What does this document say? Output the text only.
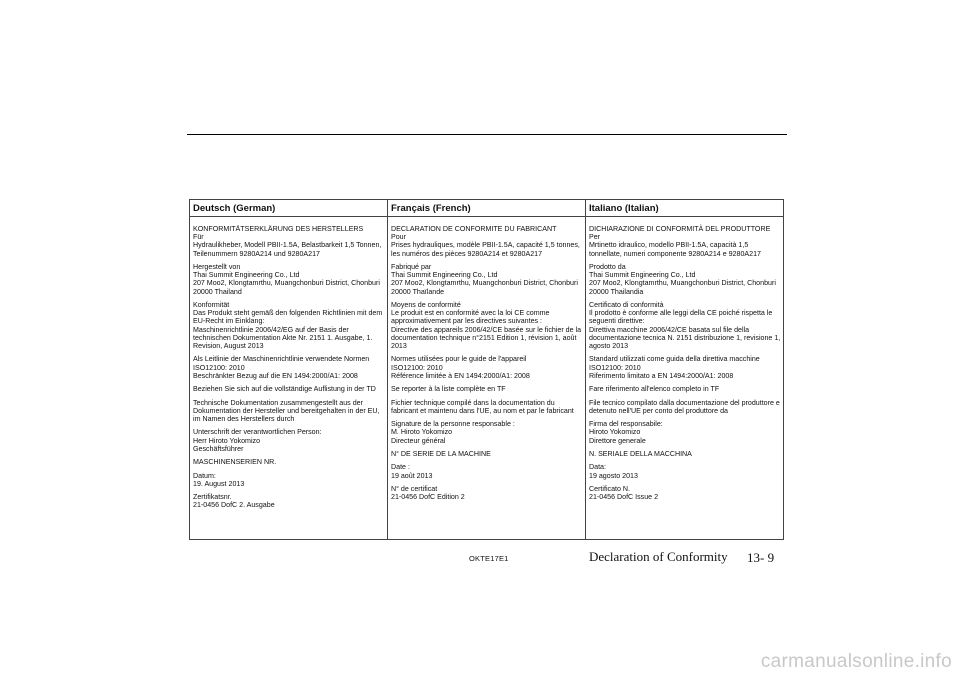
Deutsch (German)
KONFORMITÄTSERKLÄRUNG DES HERSTELLERS
Für
Hydraulikheber, Modell PBII-1.5A, Belastbarkeit 1,5 Tonnen, Teilenummern 9280A214 und 9280A217
Hergestellt von
Thai Summit Engineering Co., Ltd
207 Moo2, Klongtamrthu, Muangchonburi District, Chonburi 20000 Thailand
Konformität
Das Produkt steht gemäß den folgenden Richtlinien mit dem EU-Recht im Einklang:
Maschinenrichtlinie 2006/42/EG auf der Basis der technischen Dokumentation Akte Nr. 2151 1. Ausgabe, 1. Revision, August 2013
Als Leitlinie der Maschinenrichtlinie verwendete Normen
ISO12100: 2010
Beschränkter Bezug auf die EN 1494:2000/A1: 2008
Beziehen Sie sich auf die vollständige Auflistung in der TD
Technische Dokumentation zusammengestellt aus der Dokumentation der Hersteller und bereitgehalten in der EU, im Namen des Herstellers durch
Unterschrift der verantwortlichen Person:
Herr Hiroto Yokomizo
Geschäftsführer
MASCHINENSERIEN NR.
Datum:
19. August 2013
Zertifikatsnr.
21-0456 DofC 2. Ausgabe
Français (French)
DECLARATION DE CONFORMITE DU FABRICANT
Pour
Prises hydrauliques, modèle PBII-1.5A, capacité 1,5 tonnes, les numéros des pièces 9280A214 et 9280A217
Fabriqué par
Thai Summit Engineering Co., Ltd
207 Moo2, Klongtamrthu, Muangchonburi District, Chonburi 20000 Thaïlande
Moyens de conformité
Le produit est en conformité avec la loi CE comme approximativement par les directives suivantes :
Directive des appareils 2006/42/CE basée sur le fichier de la documentation technique n°2151 Edition 1, révision 1, août 2013
Normes utilisées pour le guide de l'appareil
ISO12100: 2010
Référence limitée à EN 1494:2000/A1: 2008
Se reporter à la liste complète en TF
Fichier technique compilé dans la documentation du fabricant et maintenu dans l'UE, au nom et par le fabricant
Signature de la personne responsable :
M. Hiroto Yokomizo
Directeur général
N° DE SERIE DE LA MACHINE
Date :
19 août 2013
N° de certificat
21-0456 DofC Edition 2
Italiano (Italian)
DICHIARAZIONE DI CONFORMITÀ DEL PRODUTTORE
Per
Mrtinetto idraulico, modello PBII-1.5A, capacità 1,5 tonnellate, numeri componente 9280A214 e 9280A217
Prodotto da
Thai Summit Engineering Co., Ltd
207 Moo2, Klongtamrthu, Muangchonburi District, Chonburi 20000 Thailandia
Certificato di conformità
Il prodotto è conforme alle leggi della CE poiché rispetta le seguenti direttive:
Direttiva macchine 2006/42/CE basata sul file della documentazione tecnica N. 2151 distribuzione 1, revisione 1, agosto 2013
Standard utilizzati come guida della direttiva macchine
ISO12100: 2010
Riferimento limitato a EN 1494:2000/A1: 2008
Fare riferimento all'elenco completo in TF
File tecnico compilato dalla documentazione del produttore e detenuto nell'UE per conto del produttore da
Firma del responsabile:
Hiroto Yokomizo
Direttore generale
N. SERIALE DELLA MACCHINA
Data:
19 agosto 2013
Certificato N.
21-0456 DofC Issue 2
OKTE17E1	Declaration of Conformity 13- 9
carmanualsonline.info
